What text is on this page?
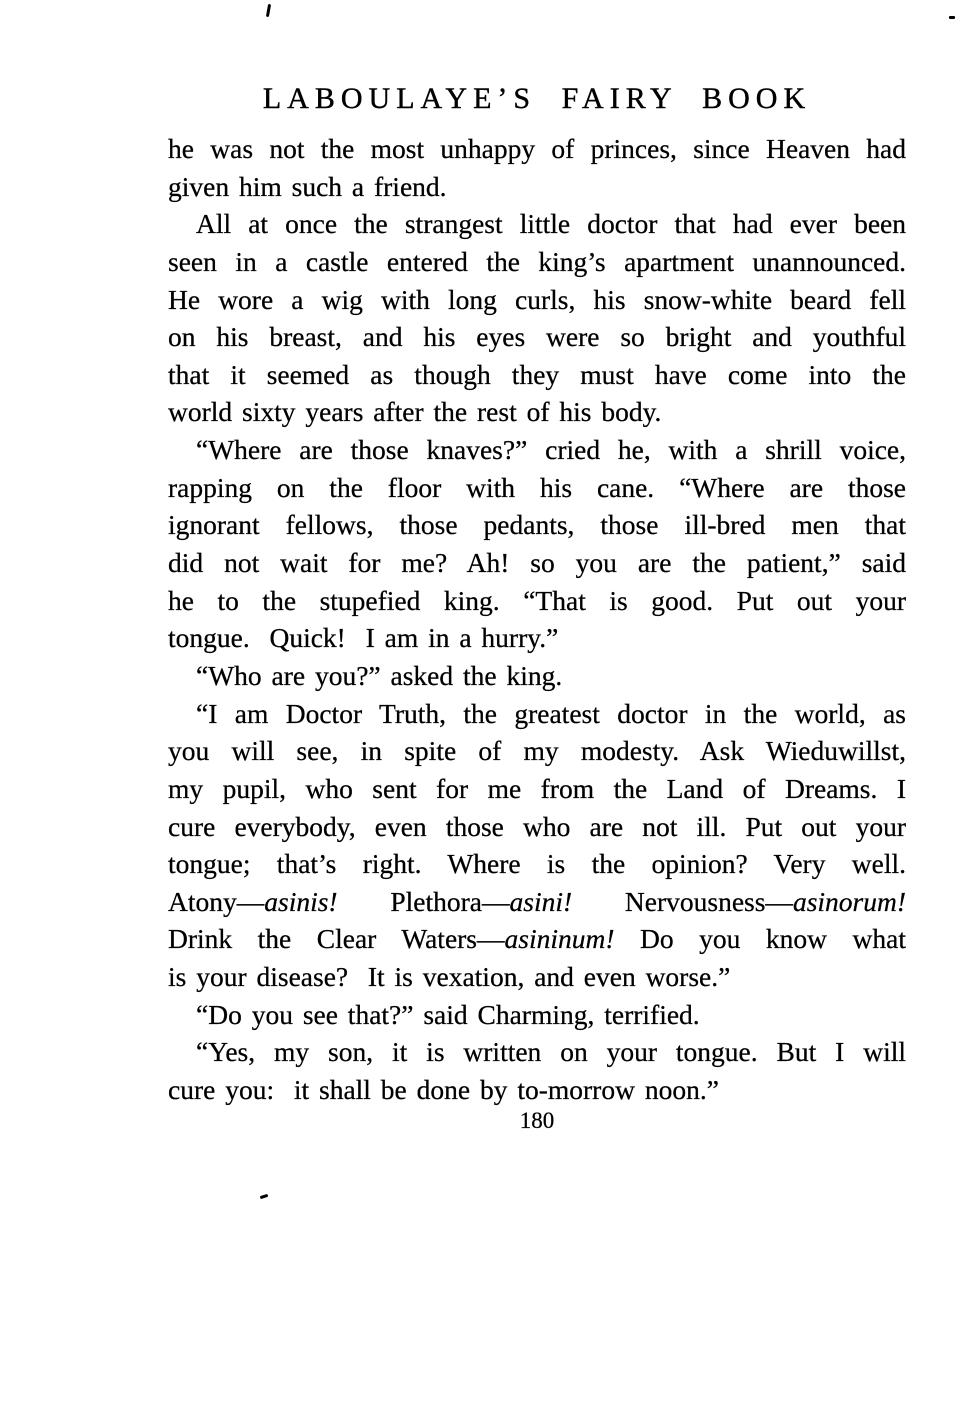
LABOULAYE’S FAIRY BOOK
he was not the most unhappy of princes, since Heaven had
given him such a friend.
All at once the strangest little doctor that had ever been
seen in a castle entered the king’s apartment unannounced.
He wore a wig with long curls, his snow-white beard fell
on his breast, and his eyes were so bright and youthful
that it seemed as though they must have come into the
world sixty years after the rest of his body.
“Where are those knaves?” cried he, with a shrill voice,
rapping on the floor with his cane. “Where are those
ignorant fellows, those pedants, those ill-bred men that
did not wait for me? Ah! so you are the patient,” said
he to the stupefied king. “That is good. Put out your
tongue.  Quick!  I am in a hurry.”
“Who are you?” asked the king.
“I am Doctor Truth, the greatest doctor in the world, as
you will see, in spite of my modesty. Ask Wieduwillst,
my pupil, who sent for me from the Land of Dreams. I
cure everybody, even those who are not ill. Put out your
tongue; that’s right. Where is the opinion? Very well.
Atony—asinis! Plethora—asini! Nervousness—asinorum!
Drink the Clear Waters—asininum! Do you know what
is your disease?  It is vexation, and even worse.”
“Do you see that?” said Charming, terrified.
“Yes, my son, it is written on your tongue. But I will
cure you:  it shall be done by to-morrow noon.”
180
